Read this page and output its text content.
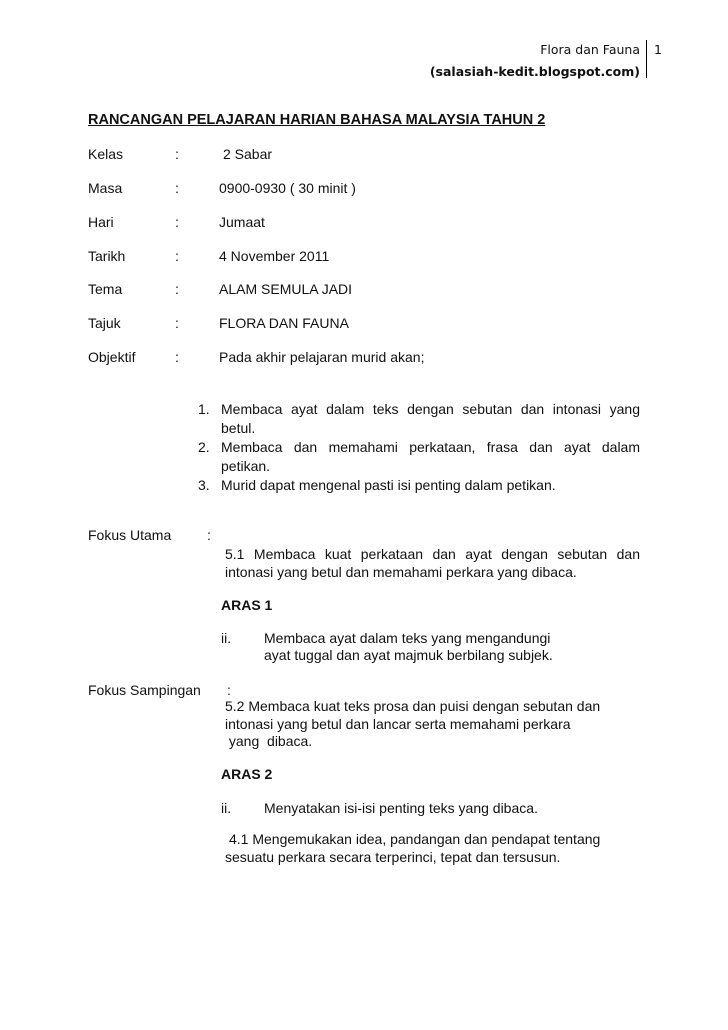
Flora dan Fauna
(salasiah-kedit.blogspot.com)
1
RANCANGAN PELAJARAN HARIAN BAHASA MALAYSIA TAHUN 2
Kelas	:	2 Sabar
Masa	:	0900-0930 ( 30 minit )
Hari	:	Jumaat
Tarikh	:	4 November 2011
Tema	:	ALAM SEMULA JADI
Tajuk	:	FLORA DAN FAUNA
Objektif	:	Pada akhir pelajaran murid akan;
1. Membaca ayat dalam teks dengan sebutan dan intonasi yang
betul.
2. Membaca dan memahami perkataan, frasa dan ayat dalam
petikan.
3. Murid dapat mengenal pasti isi penting dalam petikan.
Fokus Utama	:
5.1 Membaca kuat perkataan dan ayat dengan sebutan dan
intonasi yang betul dan memahami perkara yang dibaca.
ARAS 1
ii. Membaca ayat dalam teks yang mengandungi
ayat tuggal dan ayat majmuk berbilang subjek.
Fokus Sampingan :
5.2 Membaca kuat teks prosa dan puisi dengan sebutan dan
intonasi yang betul dan lancar serta memahami perkara
yang  dibaca.
ARAS 2
ii. Menyatakan isi-isi penting teks yang dibaca.
4.1 Mengemukakan idea, pandangan dan pendapat tentang
sesuatu perkara secara terperinci, tepat dan tersusun.
